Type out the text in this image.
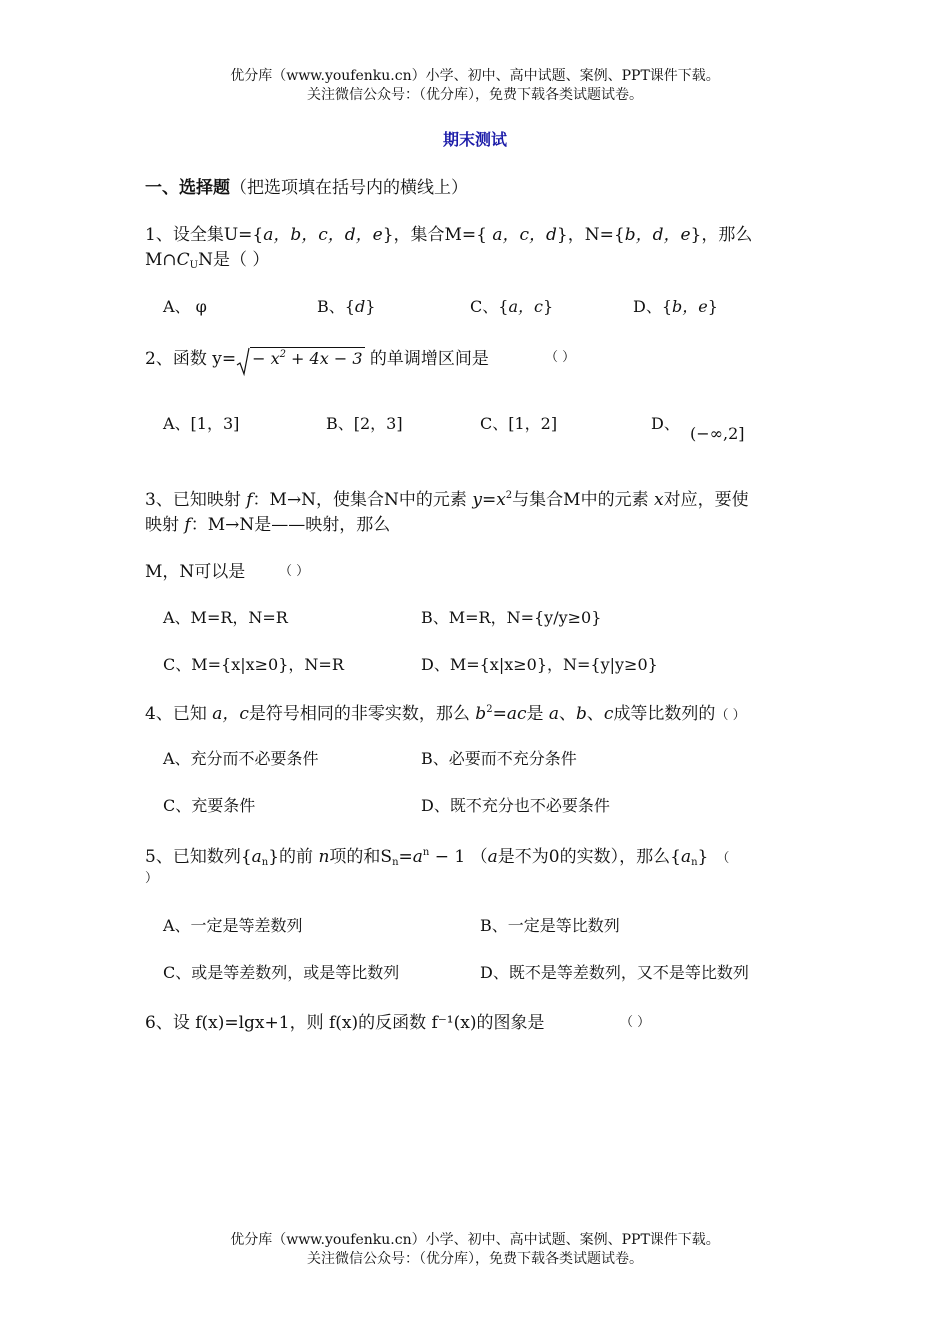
优分库（www.youfenku.cn）小学、初中、高中试题、案例、PPT课件下载。
关注微信公众号：（优分库），免费下载各类试题试卷。
期末测试
一、选择题（把选项填在括号内的横线上）
1、设全集U={a，b，c，d，e}，集合M={ a，c，d}，N={b，d，e}，那么
$M\cap C_UN$是（ ）
A、 φ	B、{d}	C、{a，c}	D、{b，e}
2、函数 $y= - x^2 + 4x - 3$ 的单调增区间是	（ ）
A、[1，3]	B、[2，3]	C、[1，2]	D、
(−∞,2]
3、已知映射 f：M→N，使集合N中的元素 $y=x^2$与集合M中的元素 x对应，要使
映射 f：M→N是——映射，那么
M，N可以是	（ ）
A、M=R，N=R	B、M=R，N={y/y≥0}
C、M={x|x≥0}，N=R	D、M={x|x≥0}，N={y|y≥0}
4、已知 a，c是符号相同的非零实数，那么 $b^2=ac$是 a、b、c成等比数列的（ ）
A、充分而不必要条件	B、必要而不充分条件
C、充要条件	D、既不充分也不必要条件
5、已知数列$\{a_n\}$的前 n项的和$S_n=a^n - 1$ （a是不为0的实数），那么$\{a_n\}$ （
）
A、一定是等差数列	B、一定是等比数列
C、或是等差数列，或是等比数列	D、既不是等差数列，又不是等比数列
6、设 f(x)=lgx+1，则 f(x)的反函数 f⁻¹(x)的图象是	（ ）
优分库（www.youfenku.cn）小学、初中、高中试题、案例、PPT课件下载。
关注微信公众号：（优分库），免费下载各类试题试卷。
